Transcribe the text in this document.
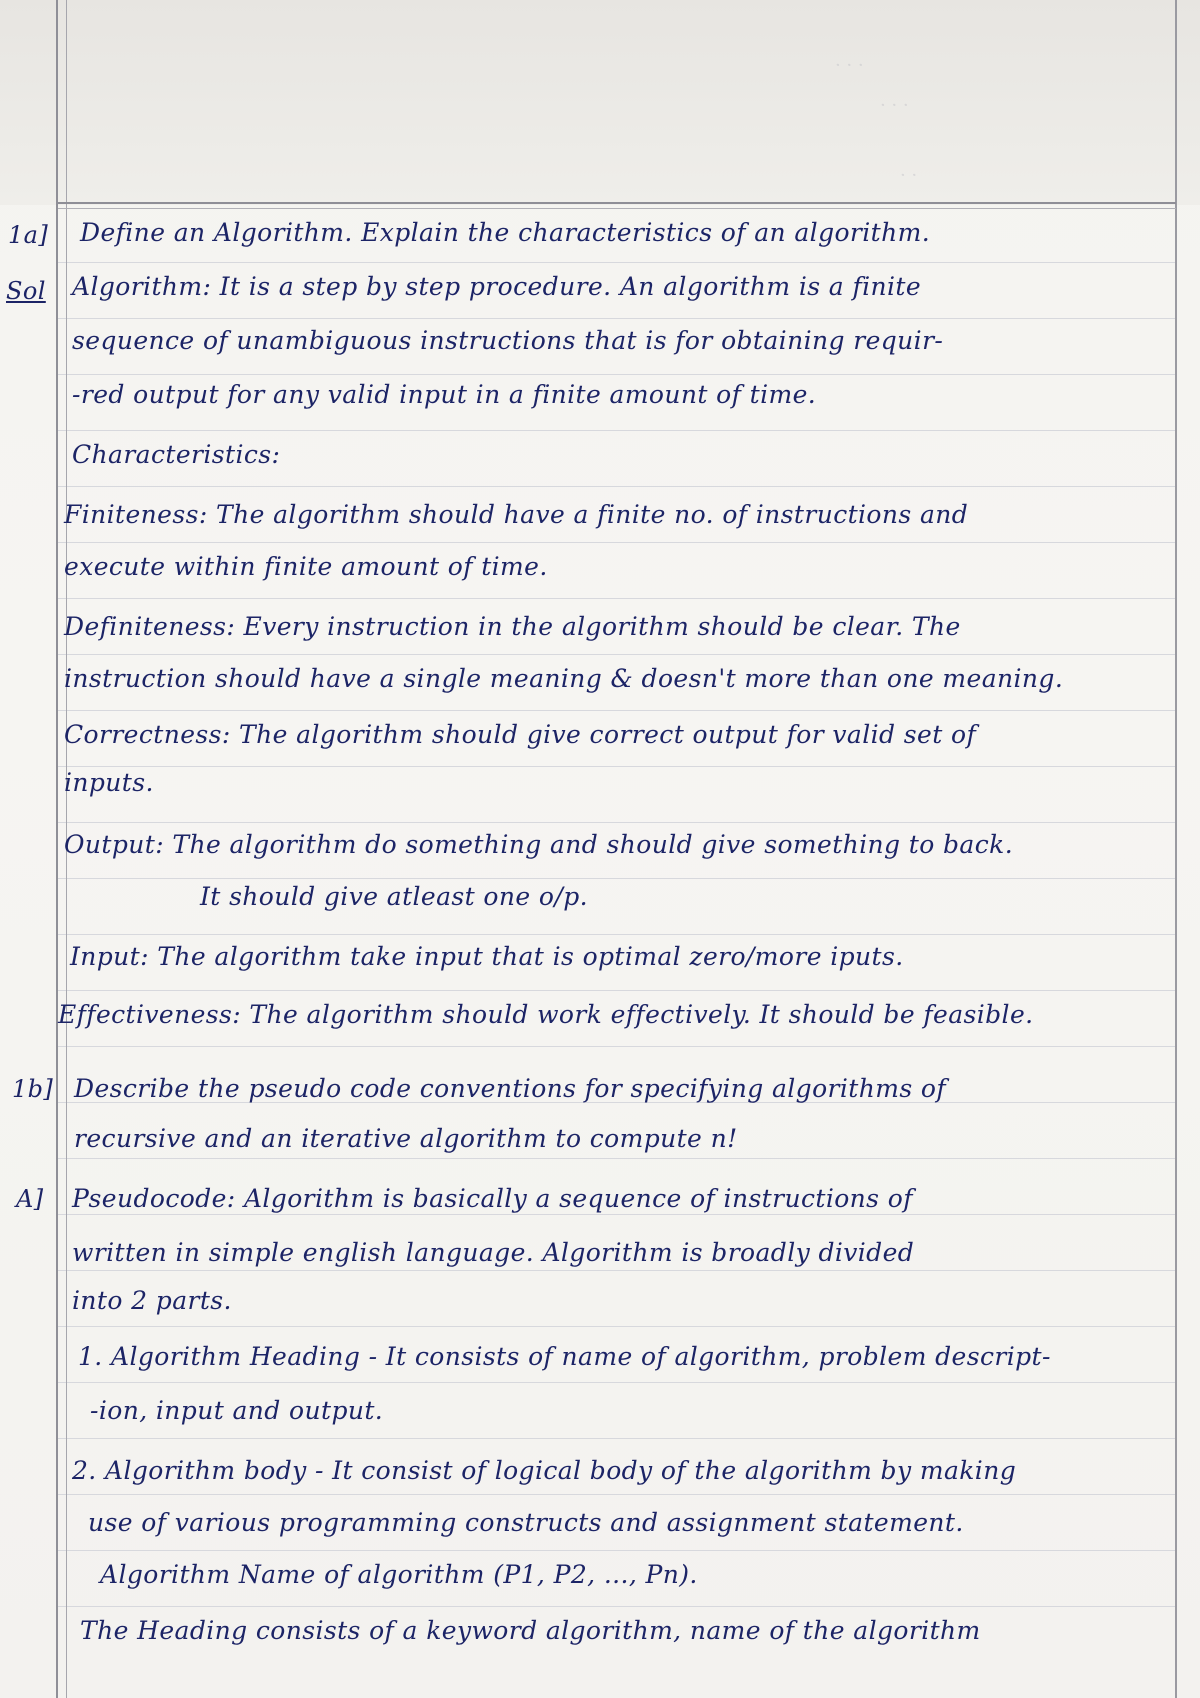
· · ·
· · ·
· ·
1a] Define an Algorithm. Explain the characteristics of an algorithm.
Sol Algorithm: It is a step by step procedure. An algorithm is a finite
sequence of unambiguous instructions that is for obtaining requir-
-red output for any valid input in a finite amount of time.
Characteristics:
Finiteness: The algorithm should have a finite no. of instructions and
execute within finite amount of time.
Definiteness: Every instruction in the algorithm should be clear. The
instruction should have a single meaning & doesn't more than one meaning.
Correctness: The algorithm should give correct output for valid set of
inputs.
Output: The algorithm do something and should give something to back.
It should give atleast one o/p.
Input: The algorithm take input that is optimal zero/more iputs.
Effectiveness: The algorithm should work effectively. It should be feasible.
1b] Describe the pseudo code conventions for specifying algorithms of
recursive and an iterative algorithm to compute n!
A] Pseudocode: Algorithm is basically a sequence of instructions of
written in simple english language. Algorithm is broadly divided
into 2 parts.
1. Algorithm Heading - It consists of name of algorithm, problem descript-
-ion, input and output.
2. Algorithm body - It consist of logical body of the algorithm by making
use of various programming constructs and assignment statement.
Algorithm Name of algorithm (P1, P2, ..., Pn).
The Heading consists of a keyword algorithm, name of the algorithm
